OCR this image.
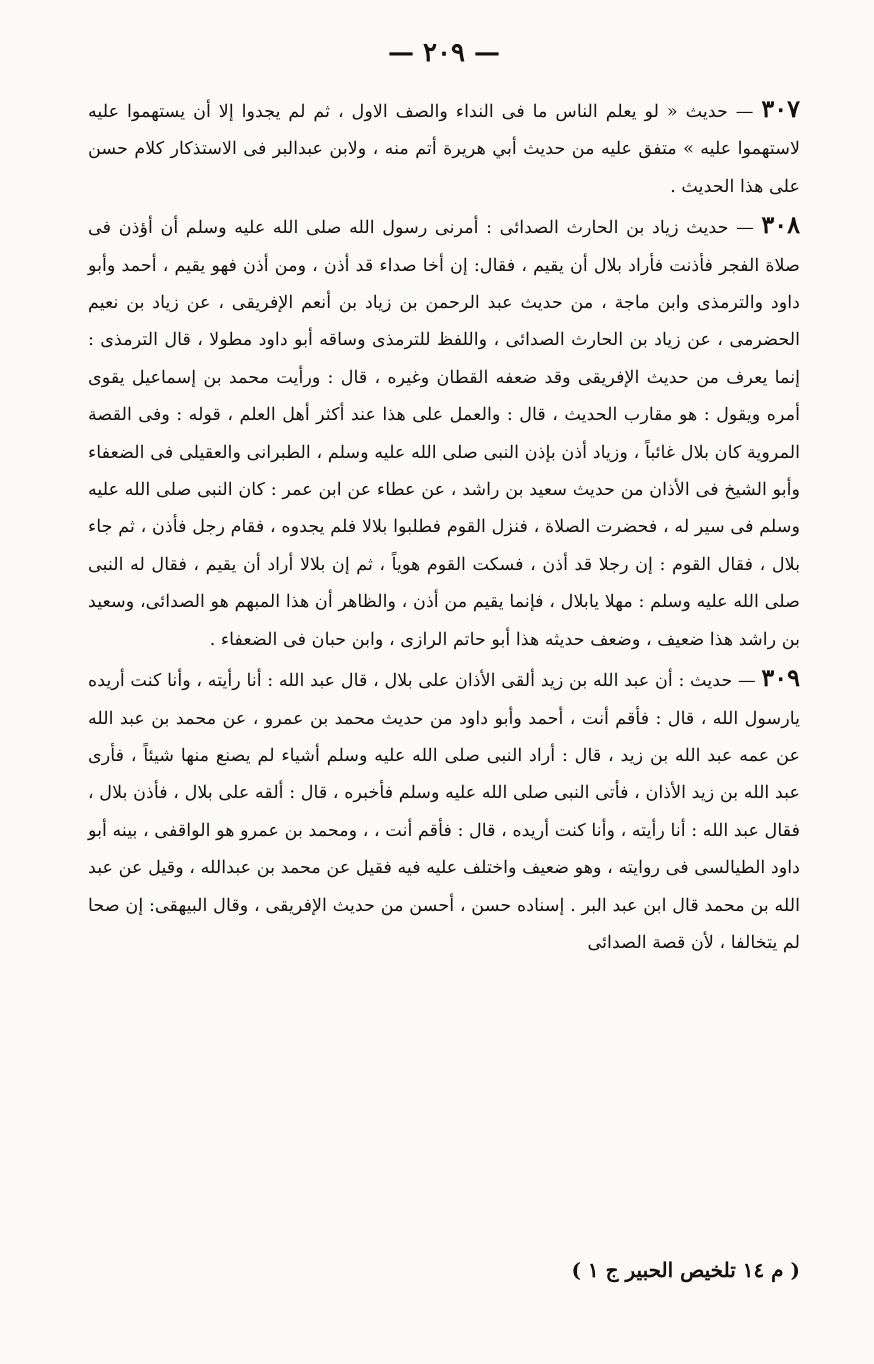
— ٢٠٩ —

٣٠٧ — حديث « لو يعلم الناس ما فى النداء والصف الاول ، ثم لم يجدوا إلا أن يستهموا عليه لاستهموا عليه » متفق عليه من حديث أبي هريرة أتم منه ، ولابن عبدالبر فى الاستذكار كلام حسن على هذا الحديث .

٣٠٨ — حديث زياد بن الحارث الصدائى : أمرنى رسول الله صلى الله عليه وسلم أن أؤذن فى صلاة الفجر فأذنت فأراد بلال أن يقيم ، فقال: إن أخا صداء قد أذن ، ومن أذن فهو يقيم ، أحمد وأبو داود والترمذى وابن ماجة ، من حديث عبد الرحمن بن زياد بن أنعم الإفريقى ، عن زياد بن نعيم الحضرمى ، عن زياد بن الحارث الصدائى ، واللفظ للترمذى وساقه أبو داود مطولا ، قال الترمذى : إنما يعرف من حديث الإفريقى وقد ضعفه القطان وغيره ، قال : ورأيت محمد بن إسماعيل يقوى أمره ويقول : هو مقارب الحديث ، قال : والعمل على هذا عند أكثر أهل العلم ، قوله : وفى القصة المروية كان بلال غائباً ، وزياد أذن بإذن النبى صلى الله عليه وسلم ، الطبرانى والعقيلى فى الضعفاء وأبو الشيخ فى الأذان من حديث سعيد بن راشد ، عن عطاء عن ابن عمر : كان النبى صلى الله عليه وسلم فى سير له ، فحضرت الصلاة ، فنزل القوم فطلبوا بلالا فلم يجدوه ، فقام رجل فأذن ، ثم جاء بلال ، فقال القوم : إن رجلا قد أذن ، فسكت القوم هوياً ، ثم إن بلالا أراد أن يقيم ، فقال له النبى صلى الله عليه وسلم : مهلا يابلال ، فإنما يقيم من أذن ، والظاهر أن هذا المبهم هو الصدائى، وسعيد بن راشد هذا ضعيف ، وضعف حديثه هذا أبو حاتم الرازى ، وابن حبان فى الضعفاء .

٣٠٩ — حديث : أن عبد الله بن زيد ألقى الأذان على بلال ، قال عبد الله : أنا رأيته ، وأنا كنت أريده يارسول الله ، قال : فأقم أنت ، أحمد وأبو داود من حديث محمد بن عمرو ، عن محمد بن عبد الله عن عمه عبد الله بن زيد ، قال : أراد النبى صلى الله عليه وسلم أشياء لم يصنع منها شيئاً ، فأرى عبد الله بن زيد الأذان ، فأتى النبى صلى الله عليه وسلم فأخبره ، قال : ألقه على بلال ، فأذن بلال ، فقال عبد الله : أنا رأيته ، وأنا كنت أريده ، قال : فأقم أنت ، ، ومحمد بن عمرو هو الواقفى ، بينه أبو داود الطيالسى فى روايته ، وهو ضعيف واختلف عليه فيه فقيل عن محمد بن عبدالله ، وقيل عن عبد الله بن محمد قال ابن عبد البر . إسناده حسن ، أحسن من حديث الإفريقى ، وقال البيهقى: إن صحا لم يتخالفا ، لأن قصة الصدائى

( م ١٤ تلخيص الحبير ج ١ )
